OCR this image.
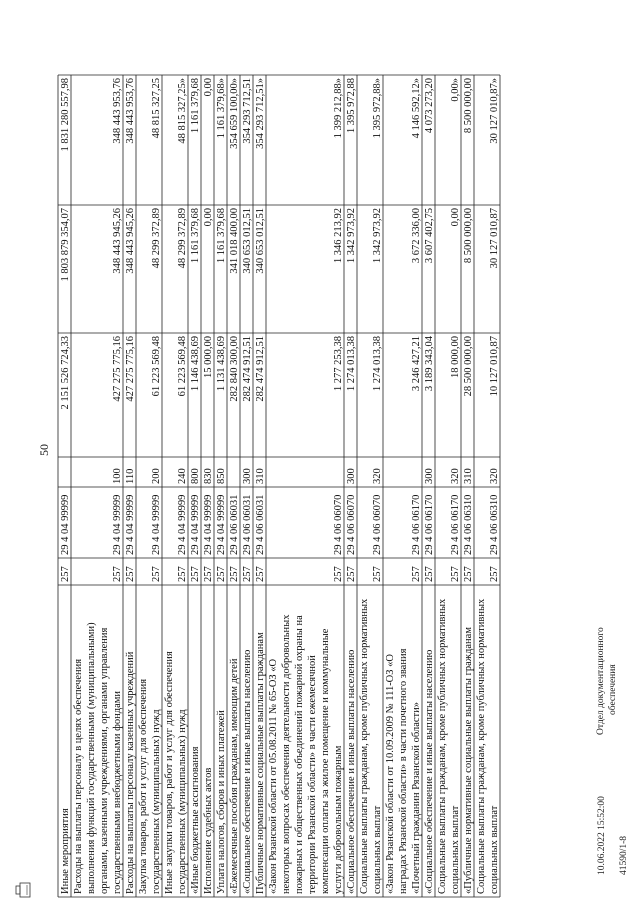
Иные мероприятия
257
29 4 04 99999
2 151 526 724,33
1 803 879 354,07
1 831 280 557,98
Расходы на выплаты персоналу в целях обеспечения выполнения функций государственными (муниципальными) органами, казенными учреждениями, органами управления государственными внебюджетными фондами
257
29 4 04 99999
100
427 275 775,16
348 443 945,26
348 443 953,76
Расходы на выплаты персоналу казенных учреждений
257
29 4 04 99999
110
427 275 775,16
348 443 945,26
348 443 953,76
Закупка товаров, работ и услуг для обеспечения государственных (муниципальных) нужд
257
29 4 04 99999
200
61 223 569,48
48 299 372,89
48 815 327,25
Иные закупки товаров, работ и услуг для обеспечения государственных (муниципальных) нужд
257
29 4 04 99999
240
61 223 569,48
48 299 372,89
48 815 327,25»
«Иные бюджетные ассигнования
257
29 4 04 99999
800
1 146 438,69
1 161 379,68
1 161 379,68
Исполнение судебных актов
257
29 4 04 99999
830
15 000,00
0,00
0,00
Уплата налогов, сборов и иных платежей
257
29 4 04 99999
850
1 131 438,69
1 161 379,68
1 161 379,68»
«Ежемесячные пособия гражданам, имеющим детей
257
29 4 06 06031
282 840 300,00
341 018 400,00
354 659 100,00»
«Социальное обеспечение и иные выплаты населению
257
29 4 06 06031
300
282 474 912,51
340 653 012,51
354 293 712,51
Публичные нормативные социальные выплаты гражданам
257
29 4 06 06031
310
282 474 912,51
340 653 012,51
354 293 712,51»
«Закон Рязанской области от 05.08.2011 № 65-ОЗ «О некоторых вопросах обеспечения деятельности добровольных пожарных и общественных объединений пожарной охраны на территории Рязанской области» в части ежемесячной компенсации оплаты за жилое помещение и коммунальные услуги добровольным пожарным
257
29 4 06 06070
1 277 253,38
1 346 213,92
1 399 212,88»
«Социальное обеспечение и иные выплаты населению
257
29 4 06 06070
300
1 274 013,38
1 342 973,92
1 395 972,88
Социальные выплаты гражданам, кроме публичных нормативных социальных выплат
257
29 4 06 06070
320
1 274 013,38
1 342 973,92
1 395 972,88»
«Закон Рязанской области от 10.09.2009 № 111-ОЗ «О наградах Рязанской области» в части почетного звания «Почетный гражданин Рязанской области»
257
29 4 06 06170
3 246 427,21
3 672 336,00
4 146 592,12»
«Социальное обеспечение и иные выплаты населению
257
29 4 06 06170
300
3 189 343,04
3 607 402,75
4 073 273,20
Социальные выплаты гражданам, кроме публичных нормативных социальных выплат
257
29 4 06 06170
320
18 000,00
0,00
0,00»
«Публичные нормативные социальные выплаты гражданам
257
29 4 06 06310
310
28 500 000,00
8 500 000,00
8 500 000,00
Социальные выплаты гражданам, кроме публичных нормативных социальных выплат
257
29 4 06 06310
320
10 127 010,87
30 127 010,87
30 127 010,87»
50
10.06.2022 15:52:00 41590/1-8
Отдел документационного обеспечения
